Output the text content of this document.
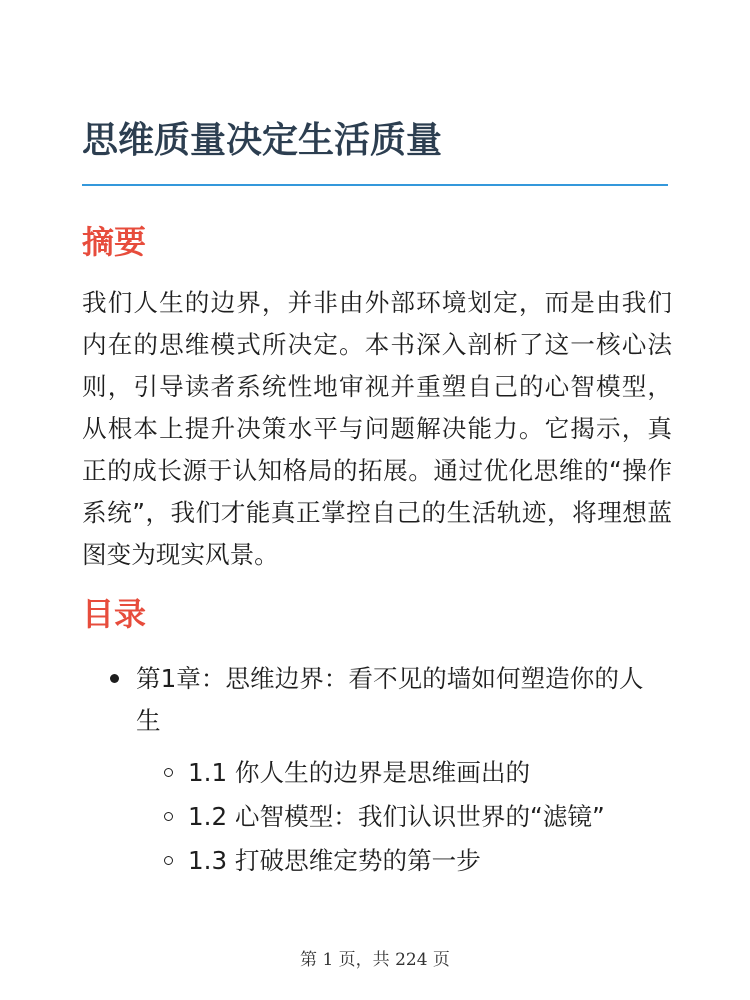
思维质量决定生活质量
摘要

我们人生的边界，并非由外部环境划定，而是由我们内在的思维模式所决定。本书深入剖析了这一核心法则，引导读者系统性地审视并重塑自己的心智模型，从根本上提升决策水平与问题解决能力。它揭示，真正的成长源于认知格局的拓展。通过优化思维的“操作系统”，我们才能真正掌控自己的生活轨迹，将理想蓝图变为现实风景。

目录
第1章：思维边界：看不见的墙如何塑造你的人生
1.1 你人生的边界是思维画出的
1.2 心智模型：我们认识世界的“滤镜”
1.3 打破思维定势的第一步
第 1 页，共 224 页
